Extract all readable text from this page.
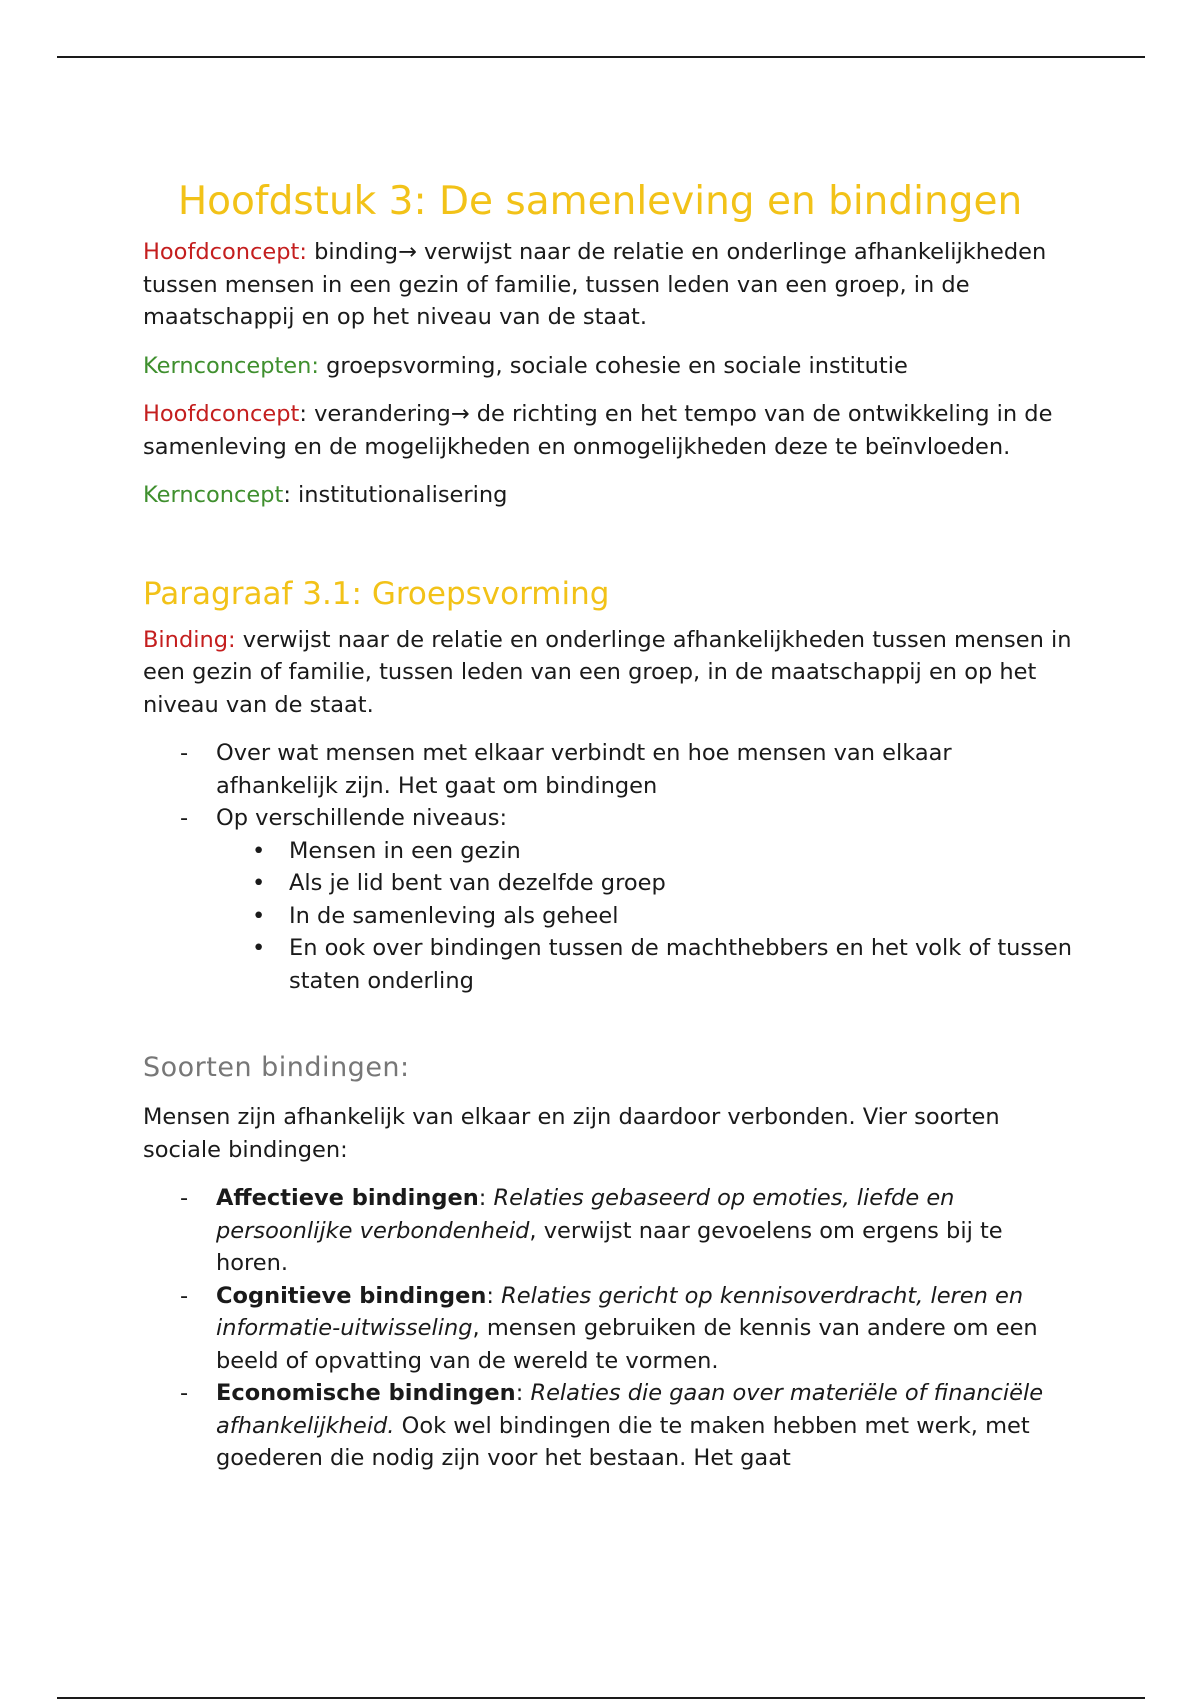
Hoofdstuk 3: De samenleving en bindingen

Hoofdconcept: binding→ verwijst naar de relatie en onderlinge afhankelijkheden tussen mensen in een gezin of familie, tussen leden van een groep, in de maatschappij en op het niveau van de staat.

Kernconcepten: groepsvorming, sociale cohesie en sociale institutie

Hoofdconcept: verandering→ de richting en het tempo van de ontwikkeling in de samenleving en de mogelijkheden en onmogelijkheden deze te beïnvloeden.

Kernconcept: institutionalisering

Paragraaf 3.1: Groepsvorming

Binding: verwijst naar de relatie en onderlinge afhankelijkheden tussen mensen in een gezin of familie, tussen leden van een groep, in de maatschappij en op het niveau van de staat.

- Over wat mensen met elkaar verbindt en hoe mensen van elkaar afhankelijk zijn. Het gaat om bindingen
- Op verschillende niveaus:
• Mensen in een gezin
• Als je lid bent van dezelfde groep
• In de samenleving als geheel
• En ook over bindingen tussen de machthebbers en het volk of tussen staten onderling
Soorten bindingen:

Mensen zijn afhankelijk van elkaar en zijn daardoor verbonden. Vier soorten sociale bindingen:

- Affectieve bindingen: Relaties gebaseerd op emoties, liefde en persoonlijke verbondenheid, verwijst naar gevoelens om ergens bij te horen.
- Cognitieve bindingen: Relaties gericht op kennisoverdracht, leren en informatie-uitwisseling, mensen gebruiken de kennis van andere om een beeld of opvatting van de wereld te vormen.
- Economische bindingen: Relaties die gaan over materiële of financiële afhankelijkheid. Ook wel bindingen die te maken hebben met werk, met goederen die nodig zijn voor het bestaan. Het gaat
